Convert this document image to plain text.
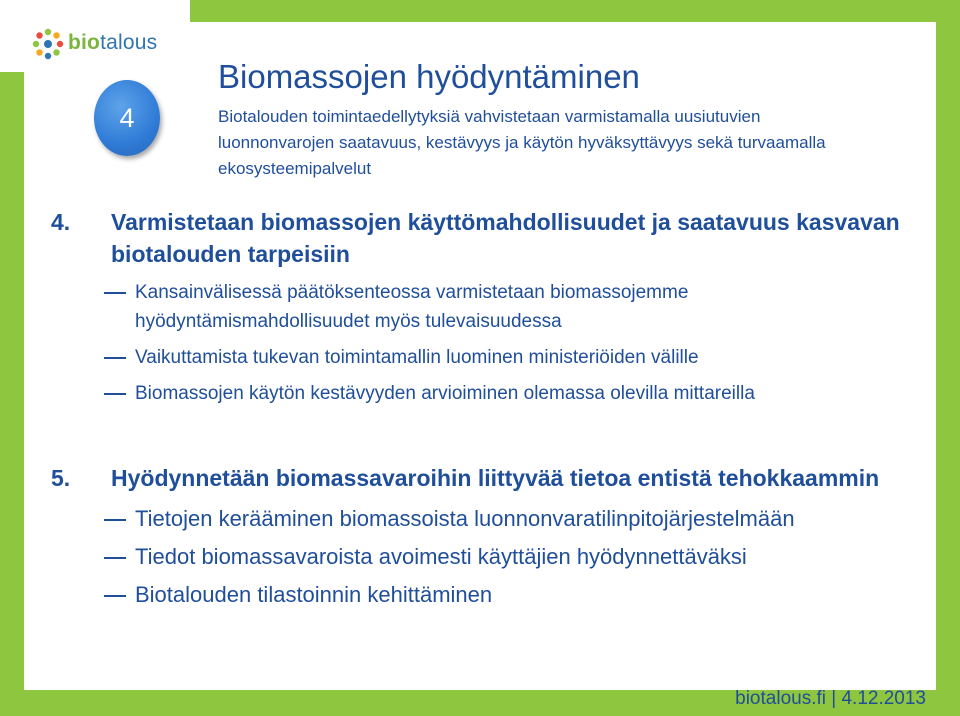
biotalous
4
Biomassojen hyödyntäminen
Biotalouden toimintaedellytyksiä vahvistetaan varmistamalla uusiutuvien luonnonvarojen saatavuus, kestävyys ja käytön hyväksyttävyys sekä turvaamalla ekosysteemipalvelut
4. Varmistetaan biomassojen käyttömahdollisuudet ja saatavuus kasvavan biotalouden tarpeisiin
Kansainvälisessä päätöksenteossa varmistetaan biomassojemme hyödyntämismahdollisuudet myös tulevaisuudessa
Vaikuttamista tukevan toimintamallin luominen ministeriöiden välille
Biomassojen käytön kestävyyden arvioiminen olemassa olevilla mittareilla
5. Hyödynnetään biomassavaroihin liittyvää tietoa entistä tehokkaammin
Tietojen kerääminen biomassoista luonnonvaratilinpitojärjestelmään
Tiedot biomassavaroista avoimesti käyttäjien hyödynnettäväksi
Biotalouden tilastoinnin kehittäminen
biotalous.fi | 4.12.2013
